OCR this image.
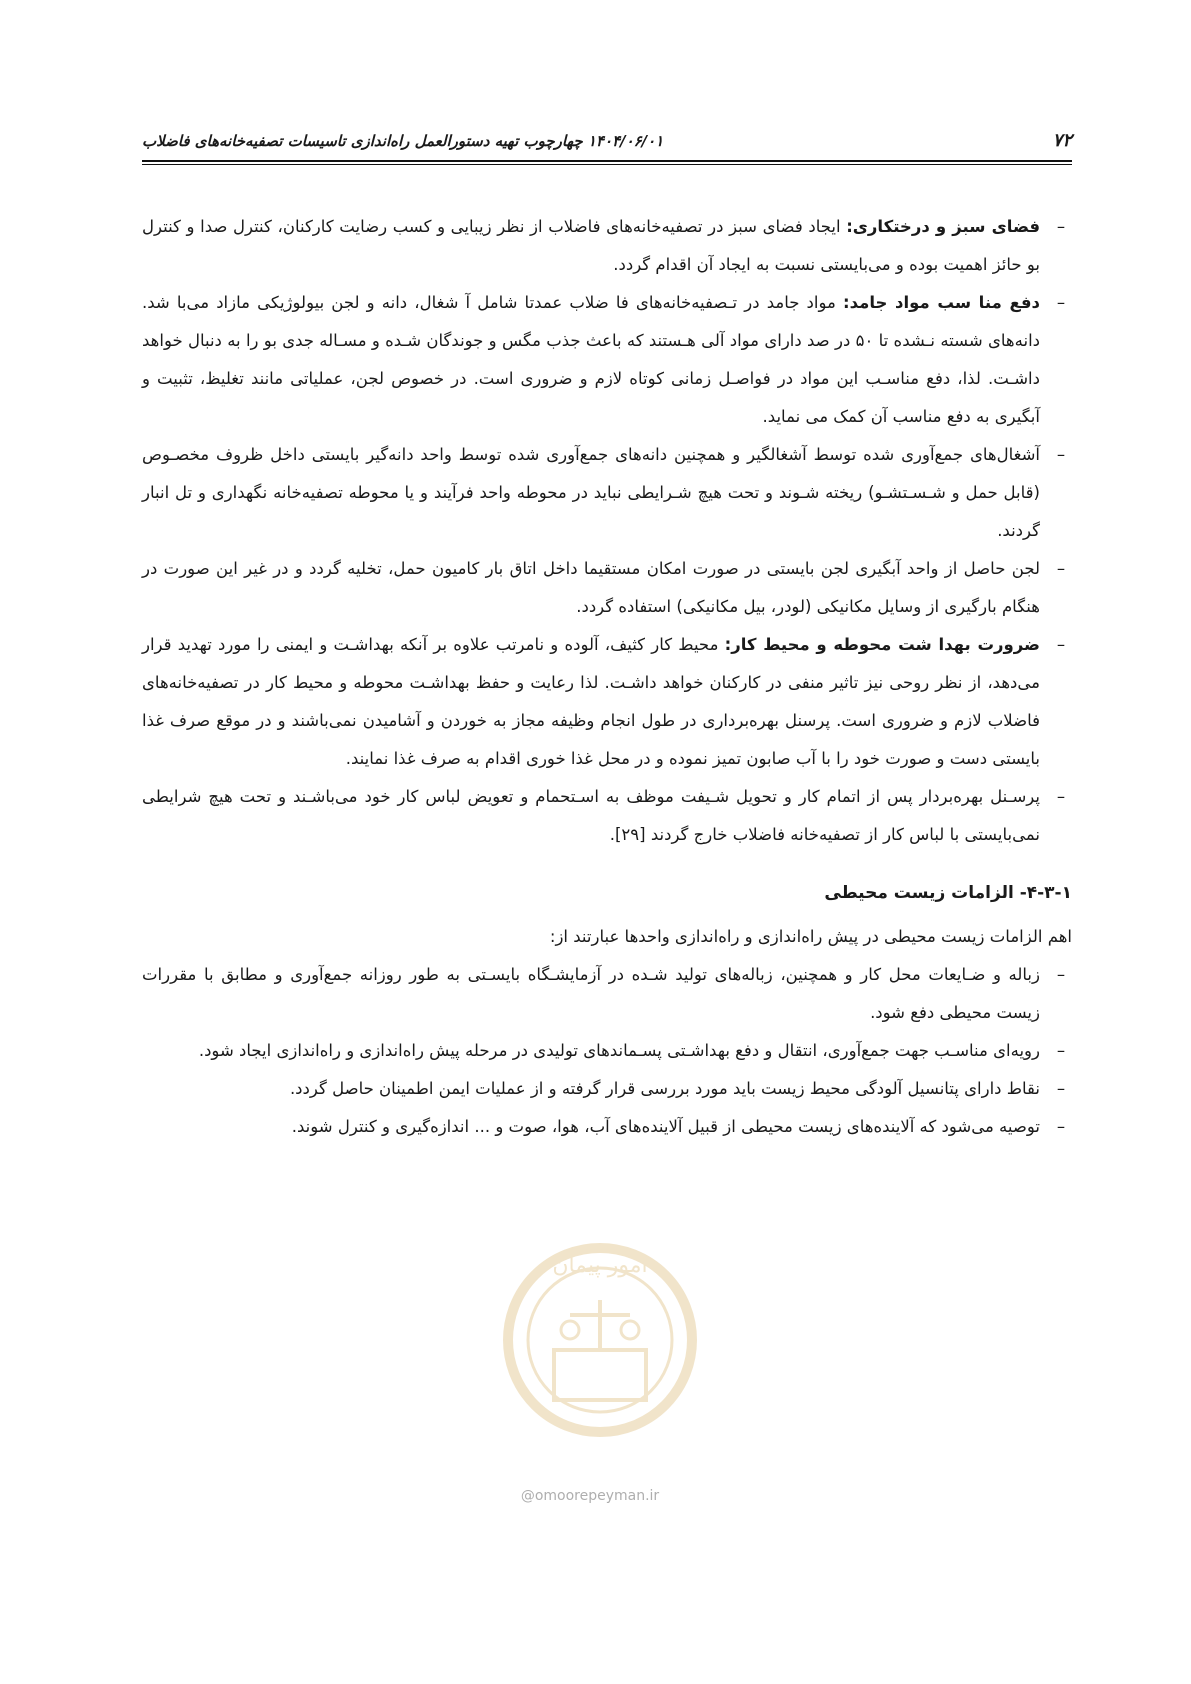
۷۲
۱۴۰۴/۰۶/۰۱ چهارچوب تهیه دستورالعمل راه‌اندازی تاسیسات تصفیه‌خانه‌های فاضلاب
–
فضای سبز و درختکاری: ایجاد فضای سبز در تصفیه‌خانه‌های فاضلاب از نظر زیبایی و کسب رضایت کارکنان، کنترل صدا و کنترل بو حائز اهمیت بوده و می‌بایستی نسبت به ایجاد آن اقدام گردد.
–
دفع منا سب مواد جامد: مواد جامد در تـصفیه‌خانه‌های فا ضلاب عمدتا شامل آ شغال، دانه و لجن بیولوژیکی مازاد می‌با شد. دانه‌های شسته نـشده تا ۵۰ در صد دارای مواد آلی هـستند که باعث جذب مگس و جوندگان شـده و مسـاله جدی بو را به دنبال خواهد داشـت. لذا، دفع مناسـب این مواد در فواصـل زمانی کوتاه لازم و ضروری است. در خصوص لجن، عملیاتی مانند تغلیظ، تثبیت و آبگیری به دفع مناسب آن کمک می نماید.
–
آشغال‌های جمع‌آوری شده توسط آشغالگیر و همچنین دانه‌های جمع‌آوری شده توسط واحد دانه‌گیر بایستی داخل ظروف مخصـوص (قابل حمل و شـسـتشـو) ریخته شـوند و تحت هیچ شـرایطی نباید در محوطه واحد فرآیند و یا محوطه تصفیه‌خانه نگهداری و تل انبار گردند.
–
لجن حاصل از واحد آبگیری لجن بایستی در صورت امکان مستقیما داخل اتاق بار کامیون حمل، تخلیه گردد و در غیر این صورت در هنگام بارگیری از وسایل مکانیکی (لودر، بیل مکانیکی) استفاده گردد.
–
ضرورت بهدا شت محوطه و محیط کار: محیط کار کثیف، آلوده و نامرتب علاوه بر آنکه بهداشـت و ایمنی را مورد تهدید قرار می‌دهد، از نظر روحی نیز تاثیر منفی در کارکنان خواهد داشـت. لذا رعایت و حفظ بهداشـت محوطه و محیط کار در تصفیه‌خانه‌های فاضلاب لازم و ضروری است. پرسنل بهره‌برداری در طول انجام وظیفه مجاز به خوردن و آشامیدن نمی‌باشند و در موقع صرف غذا بایستی دست و صورت خود را با آب صابون تمیز نموده و در محل غذا خوری اقدام به صرف غذا نمایند.
–
پرسـنل بهره‌بردار پس از اتمام کار و تحویل شـیفت موظف به اسـتحمام و تعویض لباس کار خود می‌باشـند و تحت هیچ شرایطی نمی‌بایستی با لباس کار از تصفیه‌خانه فاضلاب خارج گردند [۲۹].
۴-۳-۱- الزامات زیست محیطی
اهم الزامات زیست محیطی در پیش راه‌اندازی و راه‌اندازی واحدها عبارتند از:
–
زباله و ضـایعات محل کار و همچنین، زباله‌های تولید شـده در آزمایشـگاه بایسـتی به طور روزانه جمع‌آوری و مطابق با مقررات زیست محیطی دفع شود.
–
رویه‌ای مناسـب جهت جمع‌آوری، انتقال و دفع بهداشـتی پسـماندهای تولیدی در مرحله پیش راه‌اندازی و راه‌اندازی ایجاد شود.
–
نقاط دارای پتانسیل آلودگی محیط زیست باید مورد بررسی قرار گرفته و از عملیات ایمن اطمینان حاصل گردد.
–
توصیه می‌شود که آلاینده‌های زیست محیطی از قبیل آلاینده‌های آب، هوا، صوت و ... اندازه‌گیری و کنترل شوند.
امور پیمان
@omoorepeyman.ir
